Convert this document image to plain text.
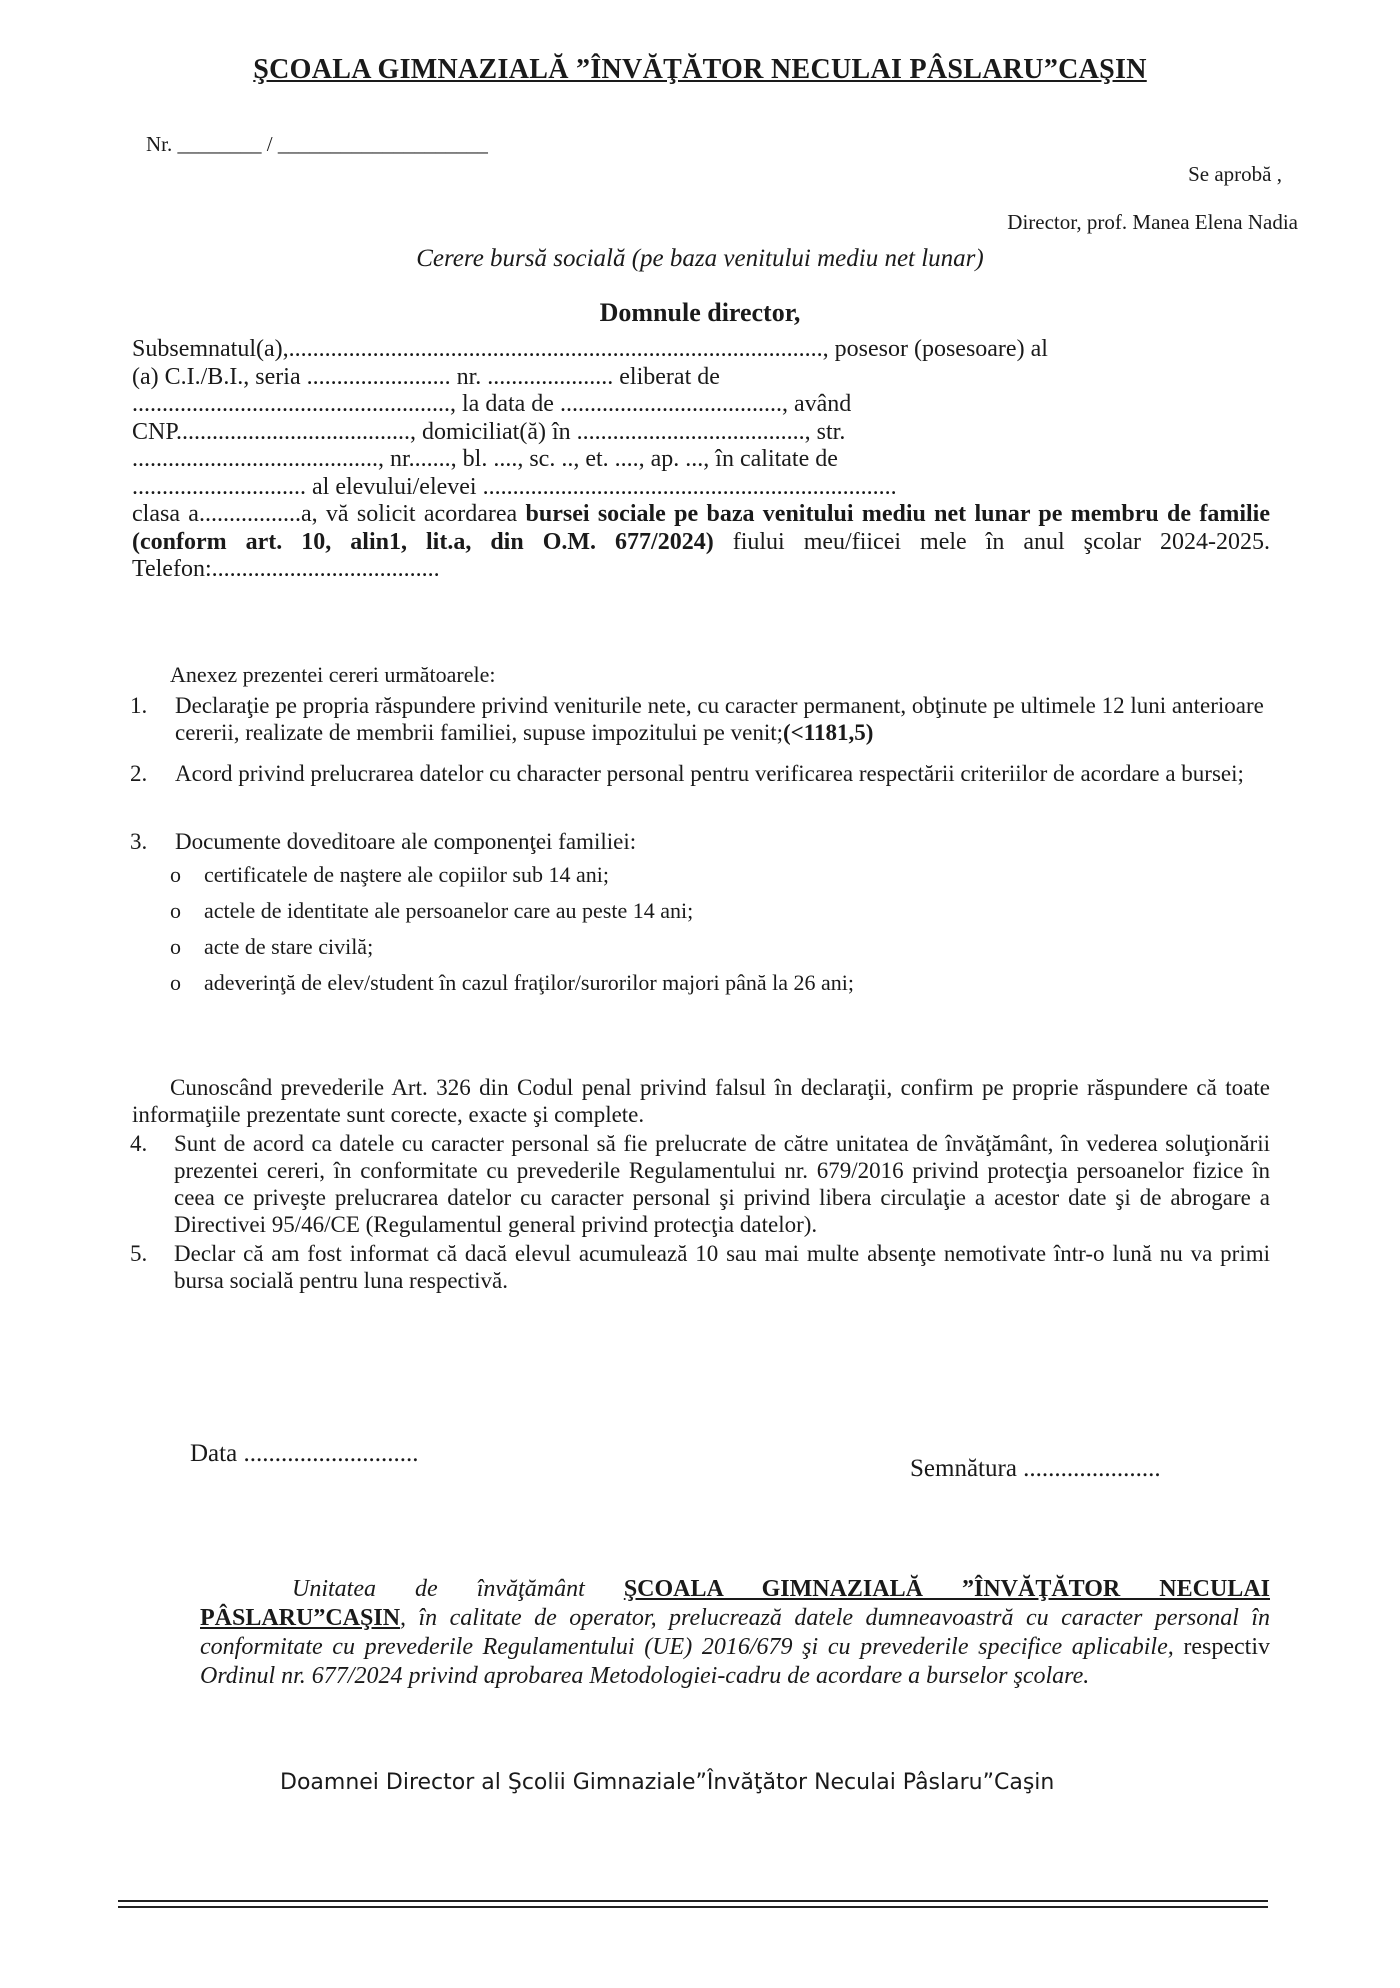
ŞCOALA GIMNAZIALĂ ”ÎNVĂŢĂTOR NECULAI PÂSLARU”CAŞIN
Nr. ________ / ____________________
Se aprobă ,
Director, prof. Manea Elena Nadia
Cerere bursă socială (pe baza venitului mediu net lunar)
Domnule director,
Subsemnatul(a),........................................................................................., posesor (posesoare) al
(a) C.I./B.I., seria ........................ nr. ..................... eliberat de
....................................................., la data de ....................................., având
CNP......................................., domiciliat(ă) în ......................................, str.
........................................., nr......., bl. ...., sc. .., et. ...., ap. ..., în calitate de
............................. al elevului/elevei .....................................................................
clasa a.................a, vă solicit acordarea bursei sociale pe baza venitului mediu net lunar pe membru de familie (conform art. 10, alin1, lit.a, din O.M. 677/2024) fiului meu/fiicei mele în anul şcolar 2024-2025. Telefon:......................................
Anexez prezentei cereri următoarele:
1. Declaraţie pe propria răspundere privind veniturile nete, cu caracter permanent, obţinute pe ultimele 12 luni anterioare cererii, realizate de membrii familiei, supuse impozitului pe venit;(<1181,5)
2. Acord privind prelucrarea datelor cu character personal pentru verificarea respectării criteriilor de acordare a bursei;
3. Documente doveditoare ale componenţei familiei:
o certificatele de naştere ale copiilor sub 14 ani;
o actele de identitate ale persoanelor care au peste 14 ani;
o acte de stare civilă;
o adeverinţă de elev/student în cazul fraţilor/surorilor majori până la 26 ani;
Cunoscând prevederile Art. 326 din Codul penal privind falsul în declaraţii, confirm pe proprie răspundere că toate informaţiile prezentate sunt corecte, exacte şi complete.
4. Sunt de acord ca datele cu caracter personal să fie prelucrate de către unitatea de învăţământ, în vederea soluţionării prezentei cereri, în conformitate cu prevederile Regulamentului nr. 679/2016 privind protecţia persoanelor fizice în ceea ce priveşte prelucrarea datelor cu caracter personal şi privind libera circulaţie a acestor date şi de abrogare a Directivei 95/46/CE (Regulamentul general privind protecţia datelor).
5. Declar că am fost informat că dacă elevul acumulează 10 sau mai multe absenţe nemotivate într-o lună nu va primi bursa socială pentru luna respectivă.
Data ............................
Semnătura ......................
Unitatea de învăţământ ŞCOALA GIMNAZIALĂ ”ÎNVĂŢĂTOR NECULAI PÂSLARU”CAŞIN, în calitate de operator, prelucrează datele dumneavoastră cu caracter personal în conformitate cu prevederile Regulamentului (UE) 2016/679 şi cu prevederile specifice aplicabile, respectiv Ordinul nr. 677/2024 privind aprobarea Metodologiei-cadru de acordare a burselor şcolare.
Doamnei Director al Şcolii Gimnaziale”Învăţător Neculai Pâslaru”Caşin
